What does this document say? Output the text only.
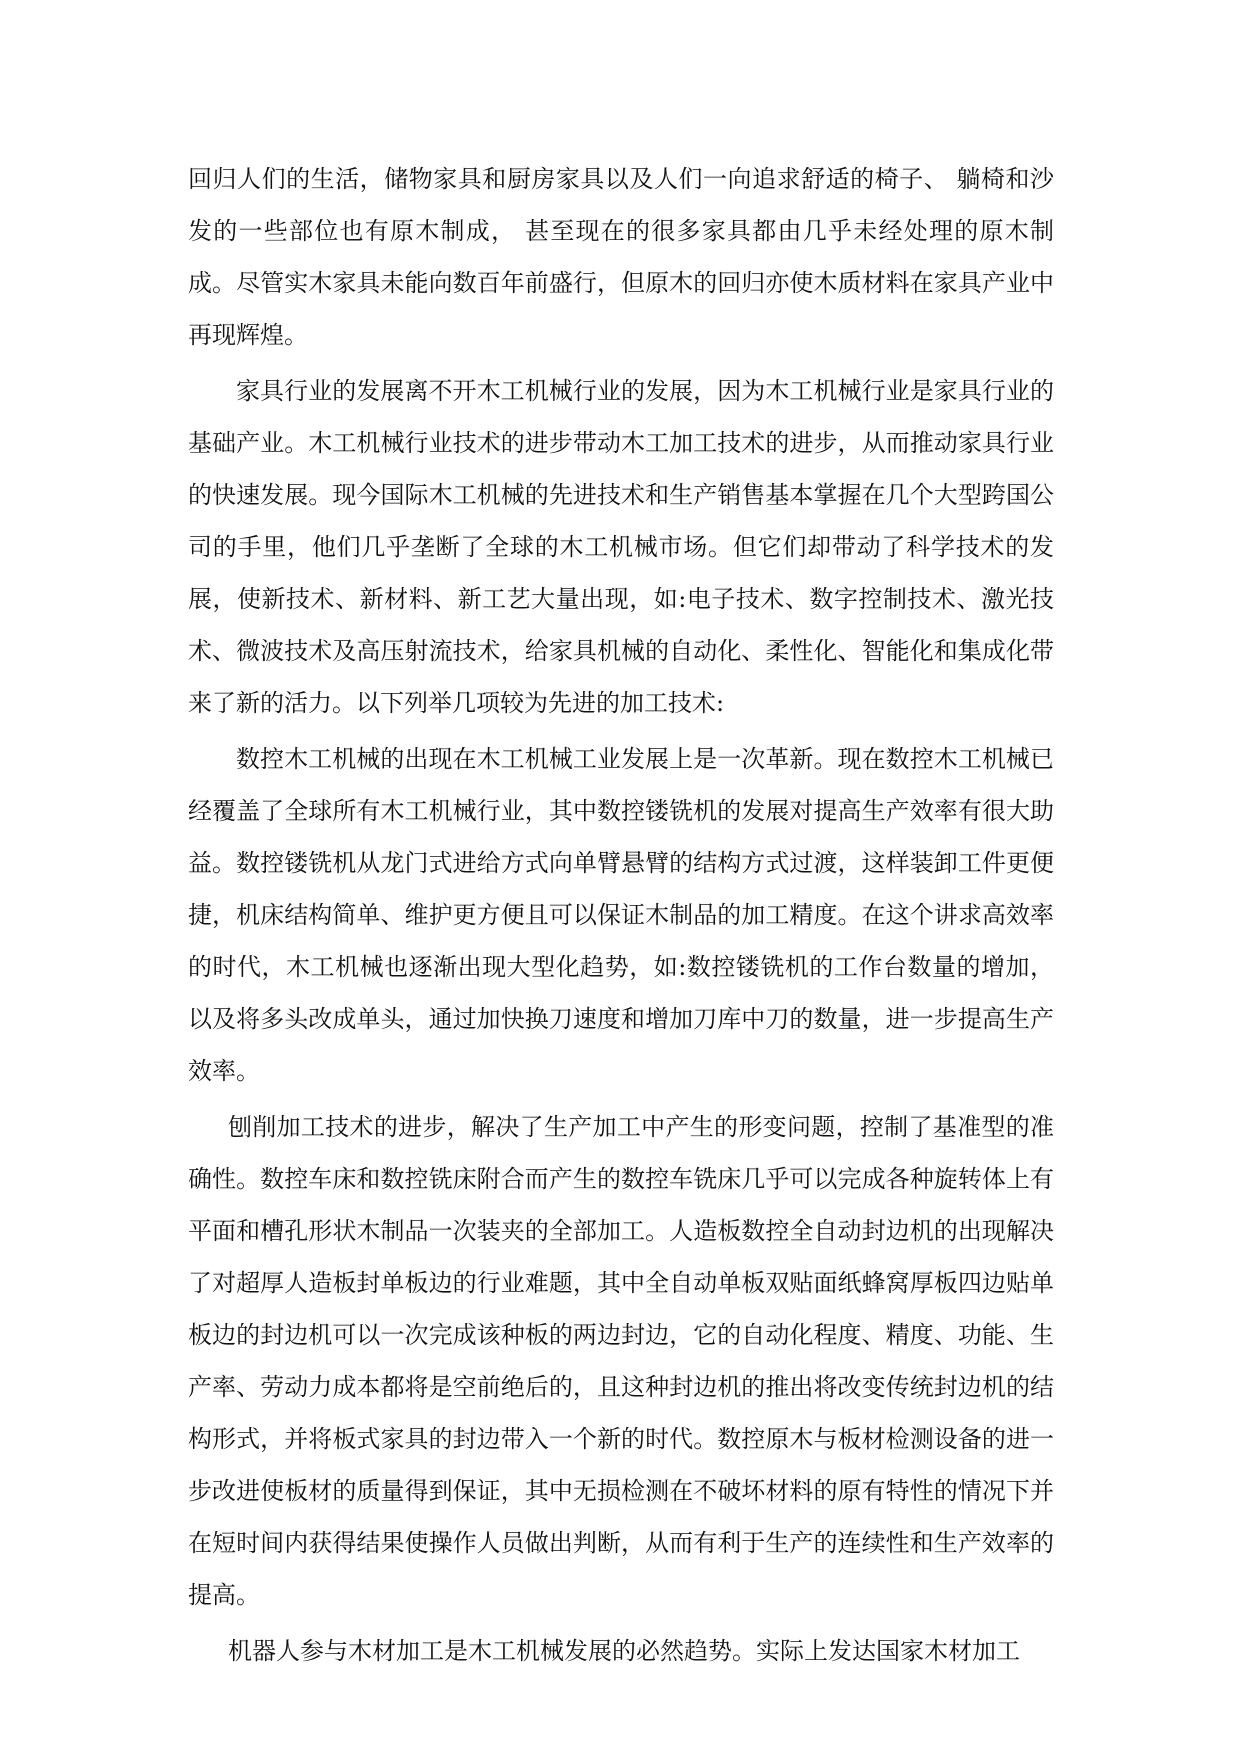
回归人们的生活，储物家具和厨房家具以及人们一向追求舒适的椅子、 躺椅和沙发的一些部位也有原木制成， 甚至现在的很多家具都由几乎未经处理的原木制成。尽管实木家具未能向数百年前盛行，但原木的回归亦使木质材料在家具产业中再现辉煌。

家具行业的发展离不开木工机械行业的发展，因为木工机械行业是家具行业的基础产业。木工机械行业技术的进步带动木工加工技术的进步，从而推动家具行业的快速发展。现今国际木工机械的先进技术和生产销售基本掌握在几个大型跨国公司的手里，他们几乎垄断了全球的木工机械市场。但它们却带动了科学技术的发展，使新技术、新材料、新工艺大量出现，如:电子技术、数字控制技术、激光技术、微波技术及高压射流技术，给家具机械的自动化、柔性化、智能化和集成化带来了新的活力。以下列举几项较为先进的加工技术:

数控木工机械的出现在木工机械工业发展上是一次革新。现在数控木工机械已经覆盖了全球所有木工机械行业，其中数控镂铣机的发展对提高生产效率有很大助益。数控镂铣机从龙门式进给方式向单臂悬臂的结构方式过渡，这样装卸工件更便捷，机床结构简单、维护更方便且可以保证木制品的加工精度。在这个讲求高效率的时代，木工机械也逐渐出现大型化趋势，如:数控镂铣机的工作台数量的增加，以及将多头改成单头，通过加快换刀速度和增加刀库中刀的数量，进一步提高生产效率。

刨削加工技术的进步，解决了生产加工中产生的形变问题，控制了基准型的准确性。数控车床和数控铣床附合而产生的数控车铣床几乎可以完成各种旋转体上有平面和槽孔形状木制品一次装夹的全部加工。人造板数控全自动封边机的出现解决了对超厚人造板封单板边的行业难题，其中全自动单板双贴面纸蜂窝厚板四边贴单板边的封边机可以一次完成该种板的两边封边，它的自动化程度、精度、功能、生产率、劳动力成本都将是空前绝后的，且这种封边机的推出将改变传统封边机的结构形式，并将板式家具的封边带入一个新的时代。数控原木与板材检测设备的进一步改进使板材的质量得到保证，其中无损检测在不破坏材料的原有特性的情况下并在短时间内获得结果使操作人员做出判断，从而有利于生产的连续性和生产效率的提高。

机器人参与木材加工是木工机械发展的必然趋势。实际上发达国家木材加工
